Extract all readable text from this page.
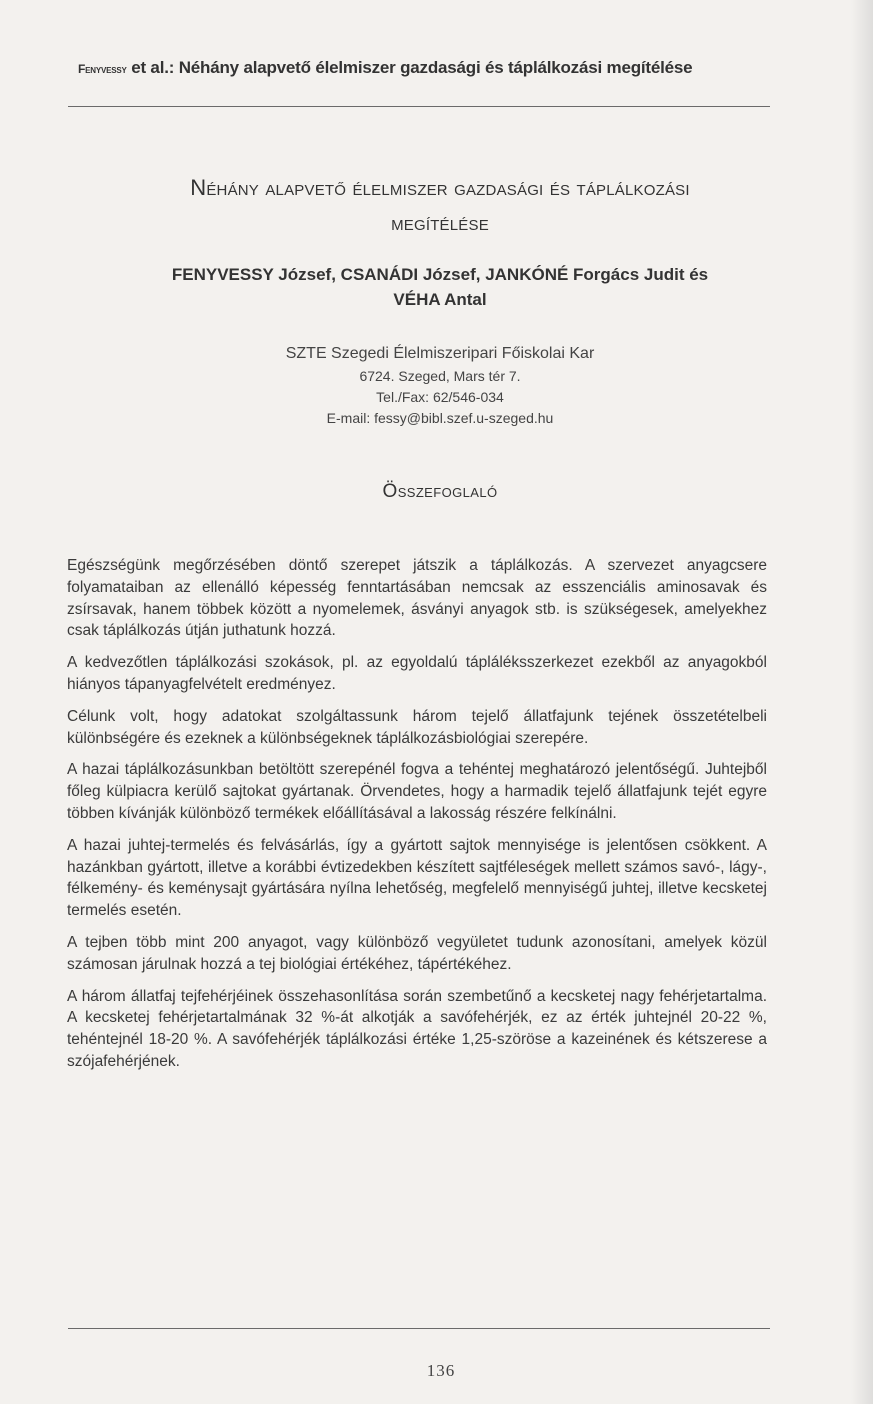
Fenyvessy et al.: Néhány alapvető élelmiszer gazdasági és táplálkozási megítélése
Néhány alapvető élelmiszer gazdasági és táplálkozási
megítélése
FENYVESSY József, CSANÁDI József, JANKÓNÉ Forgács Judit és
VÉHA Antal
SZTE Szegedi Élelmiszeripari Főiskolai Kar
6724. Szeged, Mars tér 7.
Tel./Fax: 62/546-034
E-mail: fessy@bibl.szef.u-szeged.hu
Összefoglaló

Egészségünk megőrzésében döntő szerepet játszik a táplálkozás. A szervezet anyagcsere folyamataiban az ellenálló képesség fenntartásában nemcsak az esszenciális aminosavak és zsírsavak, hanem többek között a nyomelemek, ásványi anyagok stb. is szükségesek, amelyekhez csak táplálkozás útján juthatunk hozzá.

A kedvezőtlen táplálkozási szokások, pl. az egyoldalú tápláléksszerkezet ezekből az anyagokból hiányos tápanyagfelvételt eredményez.

Célunk volt, hogy adatokat szolgáltassunk három tejelő állatfajunk tejének összetételbeli különbségére és ezeknek a különbségeknek táplálkozásbiológiai szerepére.

A hazai táplálkozásunkban betöltött szerepénél fogva a tehéntej meghatározó jelentőségű. Juhtejből főleg külpiacra kerülő sajtokat gyártanak. Örvendetes, hogy a harmadik tejelő állatfajunk tejét egyre többen kívánják különböző termékek előállításával a lakosság részére felkínálni.

A hazai juhtej-termelés és felvásárlás, így a gyártott sajtok mennyisége is jelentősen csökkent. A hazánkban gyártott, illetve a korábbi évtizedekben készített sajtféleségek mellett számos savó-, lágy-, félkemény- és keménysajt gyártására nyílna lehetőség, megfelelő mennyiségű juhtej, illetve kecsketej termelés esetén.

A tejben több mint 200 anyagot, vagy különböző vegyületet tudunk azonosítani, amelyek közül számosan járulnak hozzá a tej biológiai értékéhez, tápértékéhez.

A három állatfaj tejfehérjéinek összehasonlítása során szembetűnő a kecsketej nagy fehérjetartalma. A kecsketej fehérjetartalmának 32 %-át alkotják a savófehérjék, ez az érték juhtejnél 20-22 %, tehéntejnél 18-20 %. A savófehérjék táplálkozási értéke 1,25-szöröse a kazeinének és kétszerese a szójafehérjének.

136
